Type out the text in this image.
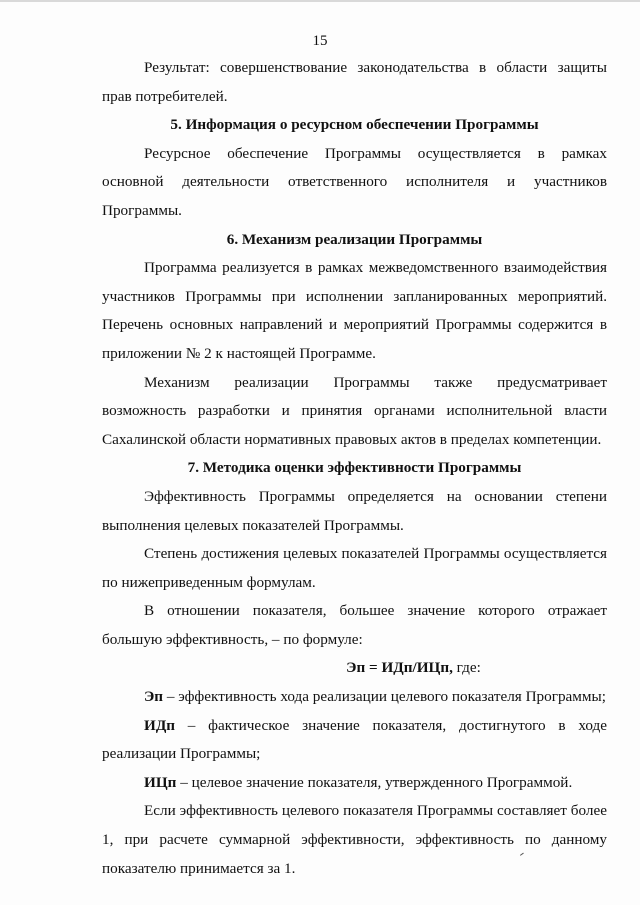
15

Результат: совершенствование законодательства в области защиты прав потребителей.

5. Информация о ресурсном обеспечении Программы

Ресурсное обеспечение Программы осуществляется в рамках основной деятельности ответственного исполнителя и участников Программы.

6. Механизм реализации Программы

Программа реализуется в рамках межведомственного взаимодействия участников Программы при исполнении запланированных мероприятий. Перечень основных направлений и мероприятий Программы содержится в приложении № 2 к настоящей Программе.

Механизм реализации Программы также предусматривает возможность разработки и принятия органами исполнительной власти Сахалинской области нормативных правовых актов в пределах компетенции.

7. Методика оценки эффективности Программы

Эффективность Программы определяется на основании степени выполнения целевых показателей Программы.

Степень достижения целевых показателей Программы осуществляется по нижеприведенным формулам.

В отношении показателя, большее значение которого отражает большую эффективность, – по формуле:

Эп = ИДп/ИЦп, где:

Эп – эффективность хода реализации целевого показателя Программы;

ИДп – фактическое значение показателя, достигнутого в ходе реализации Программы;

ИЦп – целевое значение показателя, утвержденного Программой.

Если эффективность целевого показателя Программы составляет более 1, при расчете суммарной эффективности, эффективность по данному показателю принимается за 1.
